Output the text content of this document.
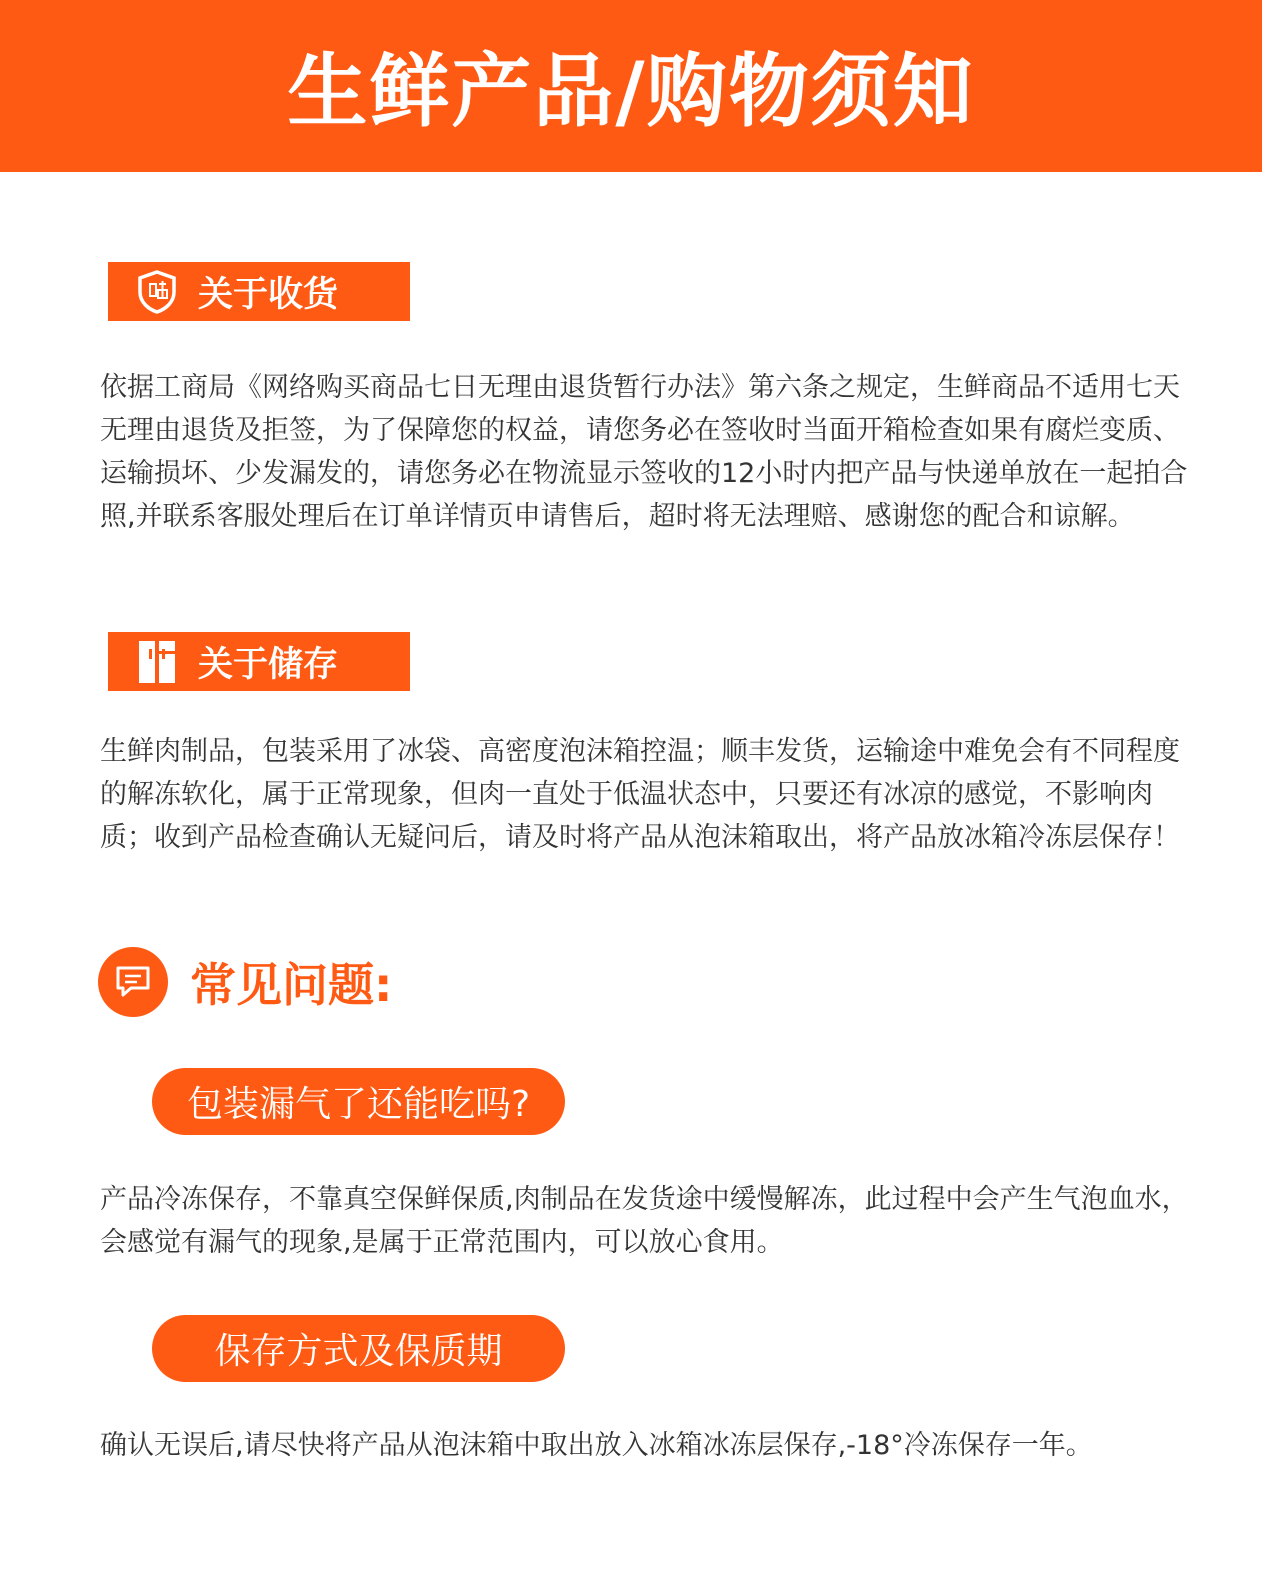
生鲜产品/购物须知
关于收货

依据工商局《网络购买商品七日无理由退货暂行办法》第六条之规定，生鲜商品不适用七天无理由退货及拒签，为了保障您的权益，请您务必在签收时当面开箱检查如果有腐烂变质、运输损坏、少发漏发的，请您务必在物流显示签收的12小时内把产品与快递单放在一起拍合照,并联系客服处理后在订单详情页申请售后，超时将无法理赔、感谢您的配合和谅解。

关于储存

生鲜肉制品，包装采用了冰袋、高密度泡沫箱控温；顺丰发货，运输途中难免会有不同程度的解冻软化，属于正常现象，但肉一直处于低温状态中，只要还有冰凉的感觉，不影响肉质；收到产品检查确认无疑问后，请及时将产品从泡沫箱取出，将产品放冰箱冷冻层保存！

常见问题:
包装漏气了还能吃吗?

产品冷冻保存，不靠真空保鲜保质,肉制品在发货途中缓慢解冻，此过程中会产生气泡血水，会感觉有漏气的现象,是属于正常范围内，可以放心食用。

保存方式及保质期

确认无误后,请尽快将产品从泡沫箱中取出放入冰箱冰冻层保存,-18°冷冻保存一年。
